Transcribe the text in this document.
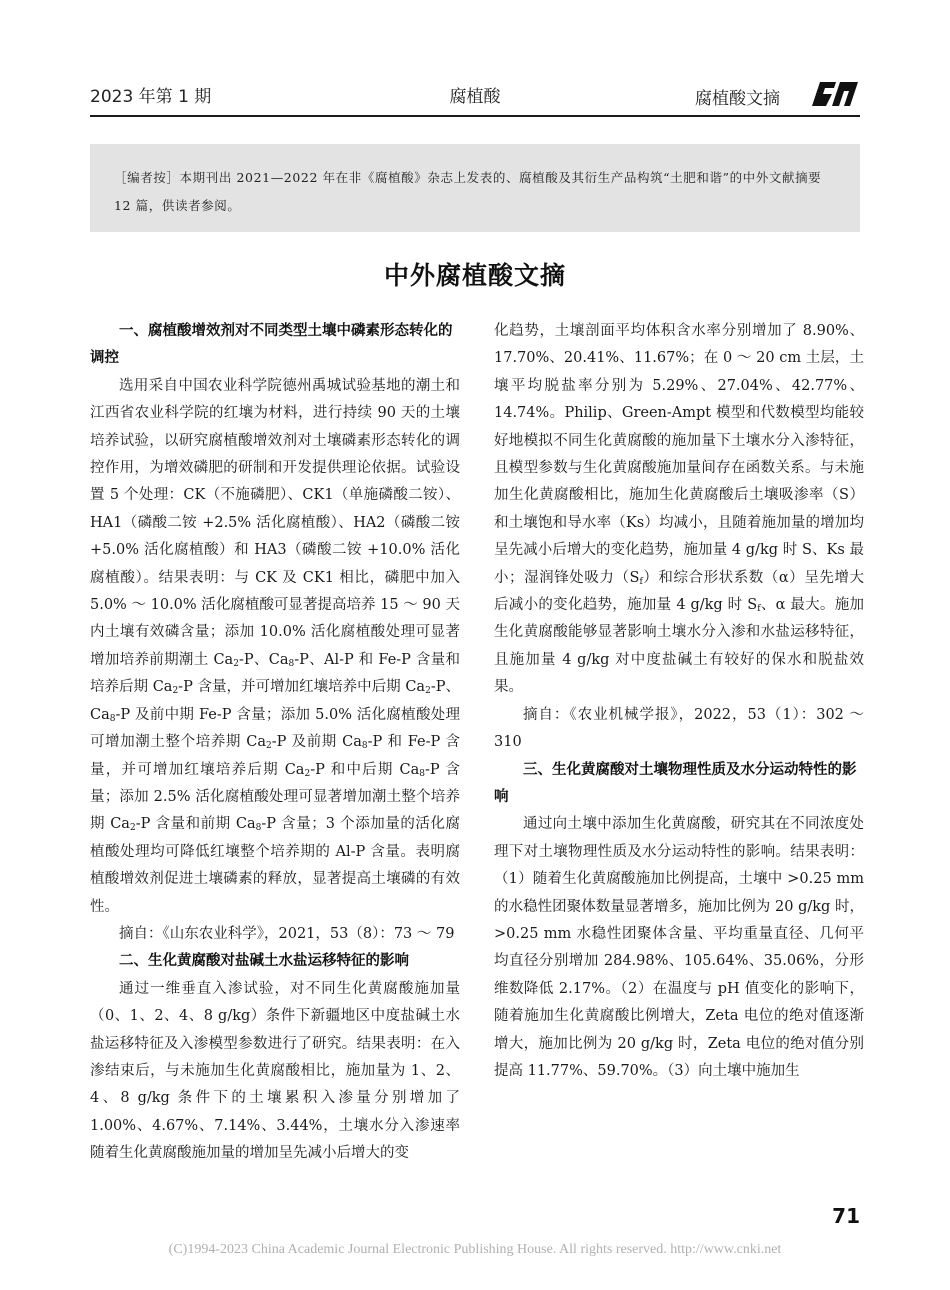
2023 年第 1 期	腐植酸	腐植酸文摘
［编者按］本期刊出 2021—2022 年在非《腐植酸》杂志上发表的、腐植酸及其衍生产品构筑“土肥和谐”的中外文献摘要 12 篇，供读者参阅。
中外腐植酸文摘
一、腐植酸增效剂对不同类型土壤中磷素形态转化的调控

选用采自中国农业科学院德州禹城试验基地的潮土和江西省农业科学院的红壤为材料，进行持续 90 天的土壤培养试验，以研究腐植酸增效剂对土壤磷素形态转化的调控作用，为增效磷肥的研制和开发提供理论依据。试验设置 5 个处理：CK（不施磷肥）、CK1（单施磷酸二铵）、HA1（磷酸二铵 +2.5% 活化腐植酸）、HA2（磷酸二铵 +5.0% 活化腐植酸）和 HA3（磷酸二铵 +10.0% 活化腐植酸）。结果表明：与 CK 及 CK1 相比，磷肥中加入 5.0% ～ 10.0% 活化腐植酸可显著提高培养 15 ～ 90 天内土壤有效磷含量；添加 10.0% 活化腐植酸处理可显著增加培养前期潮土 $Ca_2-P$、$Ca_8-P$、Al-P 和 Fe-P 含量和培养后期 $Ca_2-P$ 含量，并可增加红壤培养中后期 $Ca_2-P$、$Ca_8-P$ 及前中期 Fe-P 含量；添加 5.0% 活化腐植酸处理可增加潮土整个培养期 $Ca_2-P$ 及前期 $Ca_8-P$ 和 Fe-P 含量，并可增加红壤培养后期 $Ca_2-P$ 和中后期 $Ca_8-P$ 含量；添加 2.5% 活化腐植酸处理可显著增加潮土整个培养期 $Ca_2-P$ 含量和前期 $Ca_8-P$ 含量；3 个添加量的活化腐植酸处理均可降低红壤整个培养期的 Al-P 含量。表明腐植酸增效剂促进土壤磷素的释放，显著提高土壤磷的有效性。

摘自：《山东农业科学》，2021，53（8）：73 ～ 79

二、生化黄腐酸对盐碱土水盐运移特征的影响

通过一维垂直入渗试验，对不同生化黄腐酸施加量（0、1、2、4、8 g/kg）条件下新疆地区中度盐碱土水盐运移特征及入渗模型参数进行了研究。结果表明：在入渗结束后，与未施加生化黄腐酸相比，施加量为 1、2、4、8 g/kg 条件下的土壤累积入渗量分别增加了 1.00%、4.67%、7.14%、3.44%，土壤水分入渗速率随着生化黄腐酸施加量的增加呈先减小后增大的变

化趋势，土壤剖面平均体积含水率分别增加了 8.90%、17.70%、20.41%、11.67%；在 0 ～ 20 cm 土层，土壤平均脱盐率分别为 5.29%、27.04%、42.77%、14.74%。Philip、Green-Ampt 模型和代数模型均能较好地模拟不同生化黄腐酸的施加量下土壤水分入渗特征，且模型参数与生化黄腐酸施加量间存在函数关系。与未施加生化黄腐酸相比，施加生化黄腐酸后土壤吸渗率（S）和土壤饱和导水率（Ks）均减小，且随着施加量的增加均呈先减小后增大的变化趋势，施加量 4 g/kg 时 S、Ks 最小；湿润锋处吸力$(S_f)$和综合形状系数（α）呈先增大后减小的变化趋势，施加量 4 g/kg 时 $S_f$、α 最大。施加生化黄腐酸能够显著影响土壤水分入渗和水盐运移特征，且施加量 4 g/kg 对中度盐碱土有较好的保水和脱盐效果。

摘自：《农业机械学报》，2022，53（1）：302 ～ 310

三、生化黄腐酸对土壤物理性质及水分运动特性的影响

通过向土壤中添加生化黄腐酸，研究其在不同浓度处理下对土壤物理性质及水分运动特性的影响。结果表明：（1）随着生化黄腐酸施加比例提高，土壤中 >0.25 mm 的水稳性团聚体数量显著增多，施加比例为 20 g/kg 时，>0.25 mm 水稳性团聚体含量、平均重量直径、几何平均直径分别增加 284.98%、105.64%、35.06%，分形维数降低 2.17%。（2）在温度与 pH 值变化的影响下，随着施加生化黄腐酸比例增大，Zeta 电位的绝对值逐渐增大，施加比例为 20 g/kg 时，Zeta 电位的绝对值分别提高 11.77%、59.70%。（3）向土壤中施加生

71
(C)1994-2023 China Academic Journal Electronic Publishing House. All rights reserved. http://www.cnki.net
